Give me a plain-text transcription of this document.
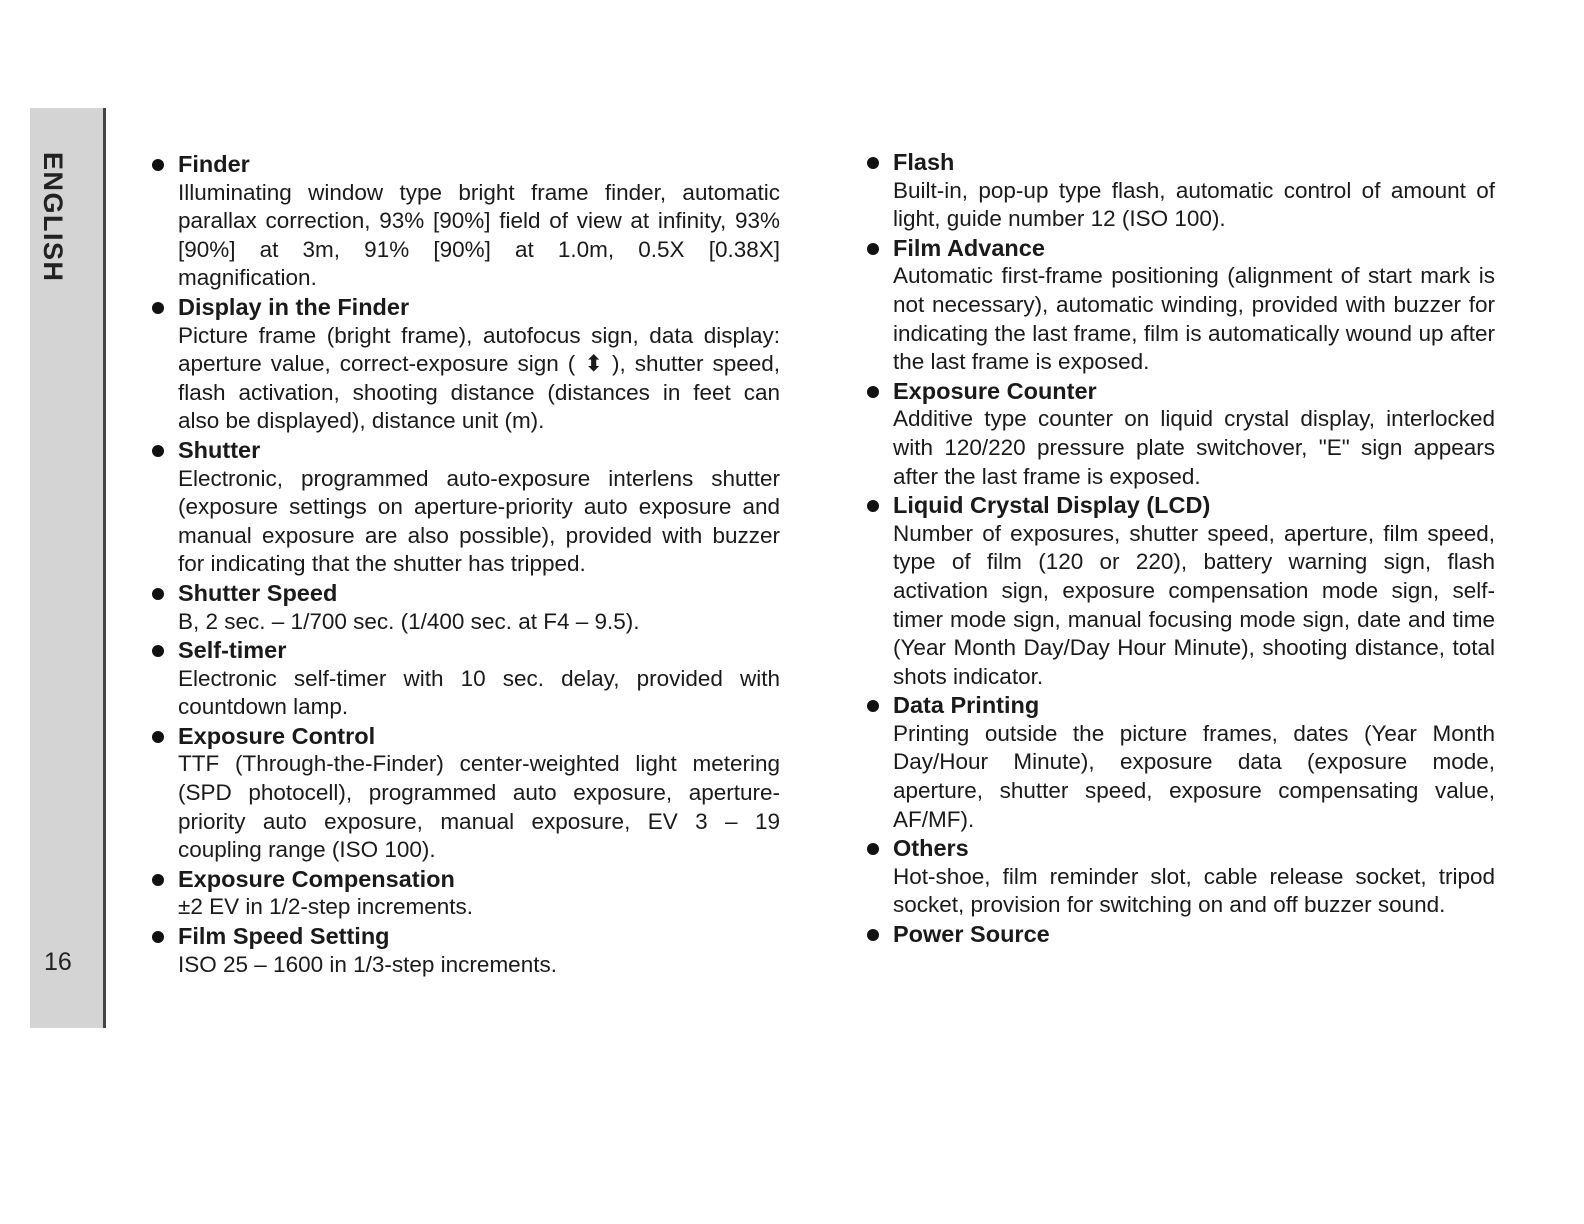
ENGLISH
16
Finder
Illuminating window type bright frame finder, automatic parallax correction, 93% [90%] field of view at infinity, 93% [90%] at 3m, 91% [90%] at 1.0m, 0.5X [0.38X] magnification.
Display in the Finder
Picture frame (bright frame), autofocus sign, data display: aperture value, correct-exposure sign ( ⬍ ), shutter speed, flash activation, shooting distance (distances in feet can also be displayed), distance unit (m).
Shutter
Electronic, programmed auto-exposure interlens shutter (exposure settings on aperture-priority auto exposure and manual exposure are also possible), provided with buzzer for indicating that the shutter has tripped.
Shutter Speed
B, 2 sec. – 1/700 sec. (1/400 sec. at F4 – 9.5).
Self-timer
Electronic self-timer with 10 sec. delay, provided with countdown lamp.
Exposure Control
TTF (Through-the-Finder) center-weighted light metering (SPD photocell), programmed auto exposure, aperture-priority auto exposure, manual exposure, EV 3 – 19 coupling range (ISO 100).
Exposure Compensation
±2 EV in 1/2-step increments.
Film Speed Setting
ISO 25 – 1600 in 1/3-step increments.
Flash
Built-in, pop-up type flash, automatic control of amount of light, guide number 12 (ISO 100).
Film Advance
Automatic first-frame positioning (alignment of start mark is not necessary), automatic winding, provided with buzzer for indicating the last frame, film is automatically wound up after the last frame is exposed.
Exposure Counter
Additive type counter on liquid crystal display, interlocked with 120/220 pressure plate switchover, "E" sign appears after the last frame is exposed.
Liquid Crystal Display (LCD)
Number of exposures, shutter speed, aperture, film speed, type of film (120 or 220), battery warning sign, flash activation sign, exposure compensation mode sign, self-timer mode sign, manual focusing mode sign, date and time (Year Month Day/Day Hour Minute), shooting distance, total shots indicator.
Data Printing
Printing outside the picture frames, dates (Year Month Day/Hour Minute), exposure data (exposure mode, aperture, shutter speed, exposure compensating value, AF/MF).
Others
Hot-shoe, film reminder slot, cable release socket, tripod socket, provision for switching on and off buzzer sound.
Power Source
